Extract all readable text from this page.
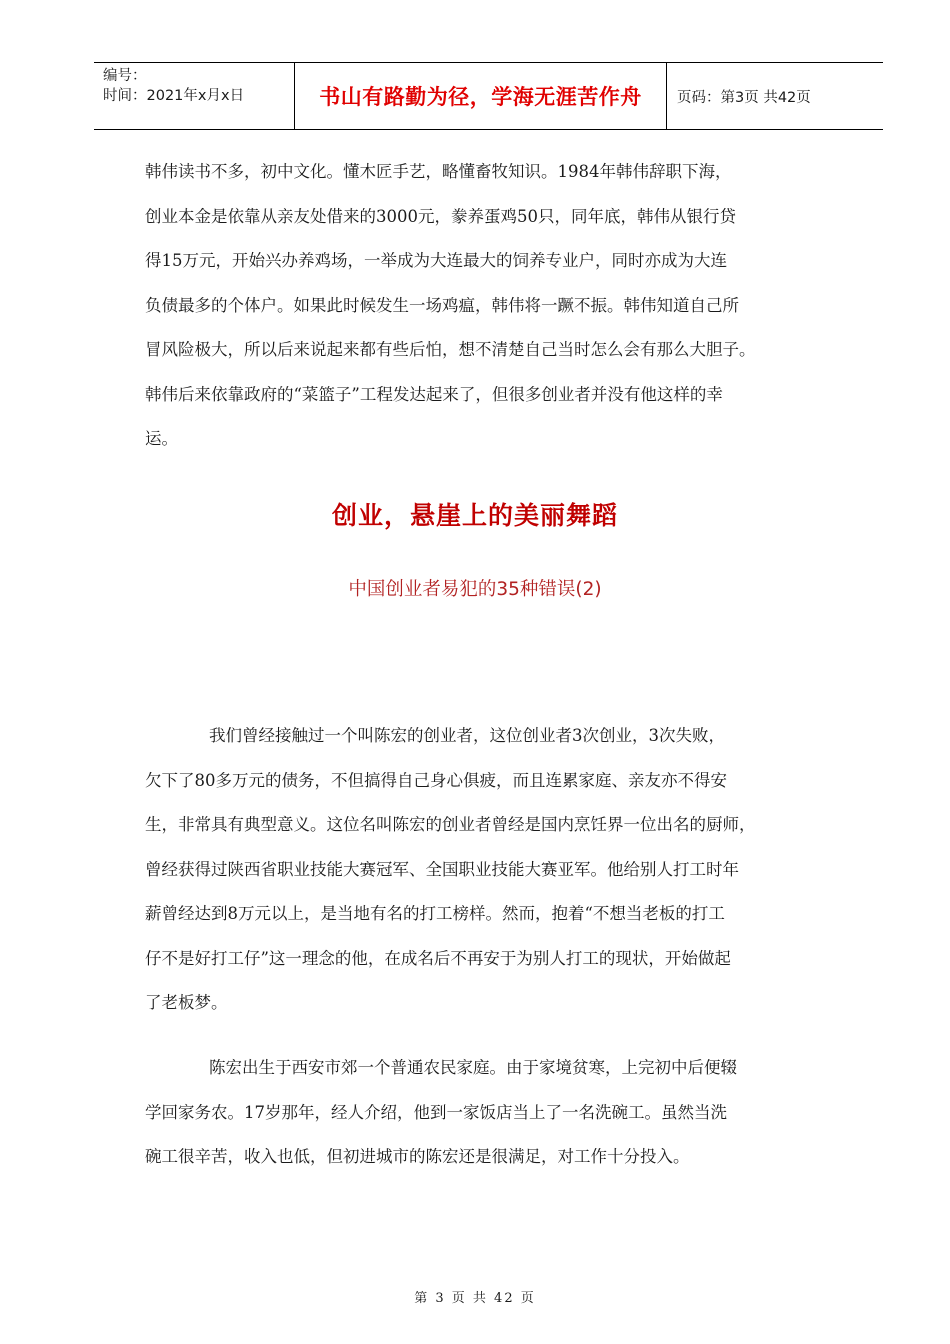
编号：
时间：2021年x月x日	书山有路勤为径，学海无涯苦作舟	页码：第3页 共42页
韩伟读书不多，初中文化。懂木匠手艺，略懂畜牧知识。1984年韩伟辞职下海，
创业本金是依靠从亲友处借来的3000元，豢养蛋鸡50只，同年底，韩伟从银行贷
得15万元，开始兴办养鸡场，一举成为大连最大的饲养专业户，同时亦成为大连
负债最多的个体户。如果此时候发生一场鸡瘟，韩伟将一蹶不振。韩伟知道自己所
冒风险极大，所以后来说起来都有些后怕，想不清楚自己当时怎么会有那么大胆子。
韩伟后来依靠政府的“菜篮子”工程发达起来了，但很多创业者并没有他这样的幸
运。
创业，悬崖上的美丽舞蹈
中国创业者易犯的35种错误(2)
我们曾经接触过一个叫陈宏的创业者，这位创业者3次创业，3次失败，
欠下了80多万元的债务，不但搞得自己身心俱疲，而且连累家庭、亲友亦不得安
生，非常具有典型意义。这位名叫陈宏的创业者曾经是国内烹饪界一位出名的厨师，
曾经获得过陕西省职业技能大赛冠军、全国职业技能大赛亚军。他给别人打工时年
薪曾经达到8万元以上，是当地有名的打工榜样。然而，抱着“不想当老板的打工
仔不是好打工仔”这一理念的他，在成名后不再安于为别人打工的现状，开始做起
了老板梦。
陈宏出生于西安市郊一个普通农民家庭。由于家境贫寒，上完初中后便辍
学回家务农。17岁那年，经人介绍，他到一家饭店当上了一名洗碗工。虽然当洗
碗工很辛苦，收入也低，但初进城市的陈宏还是很满足，对工作十分投入。
第 3 页 共 42 页
